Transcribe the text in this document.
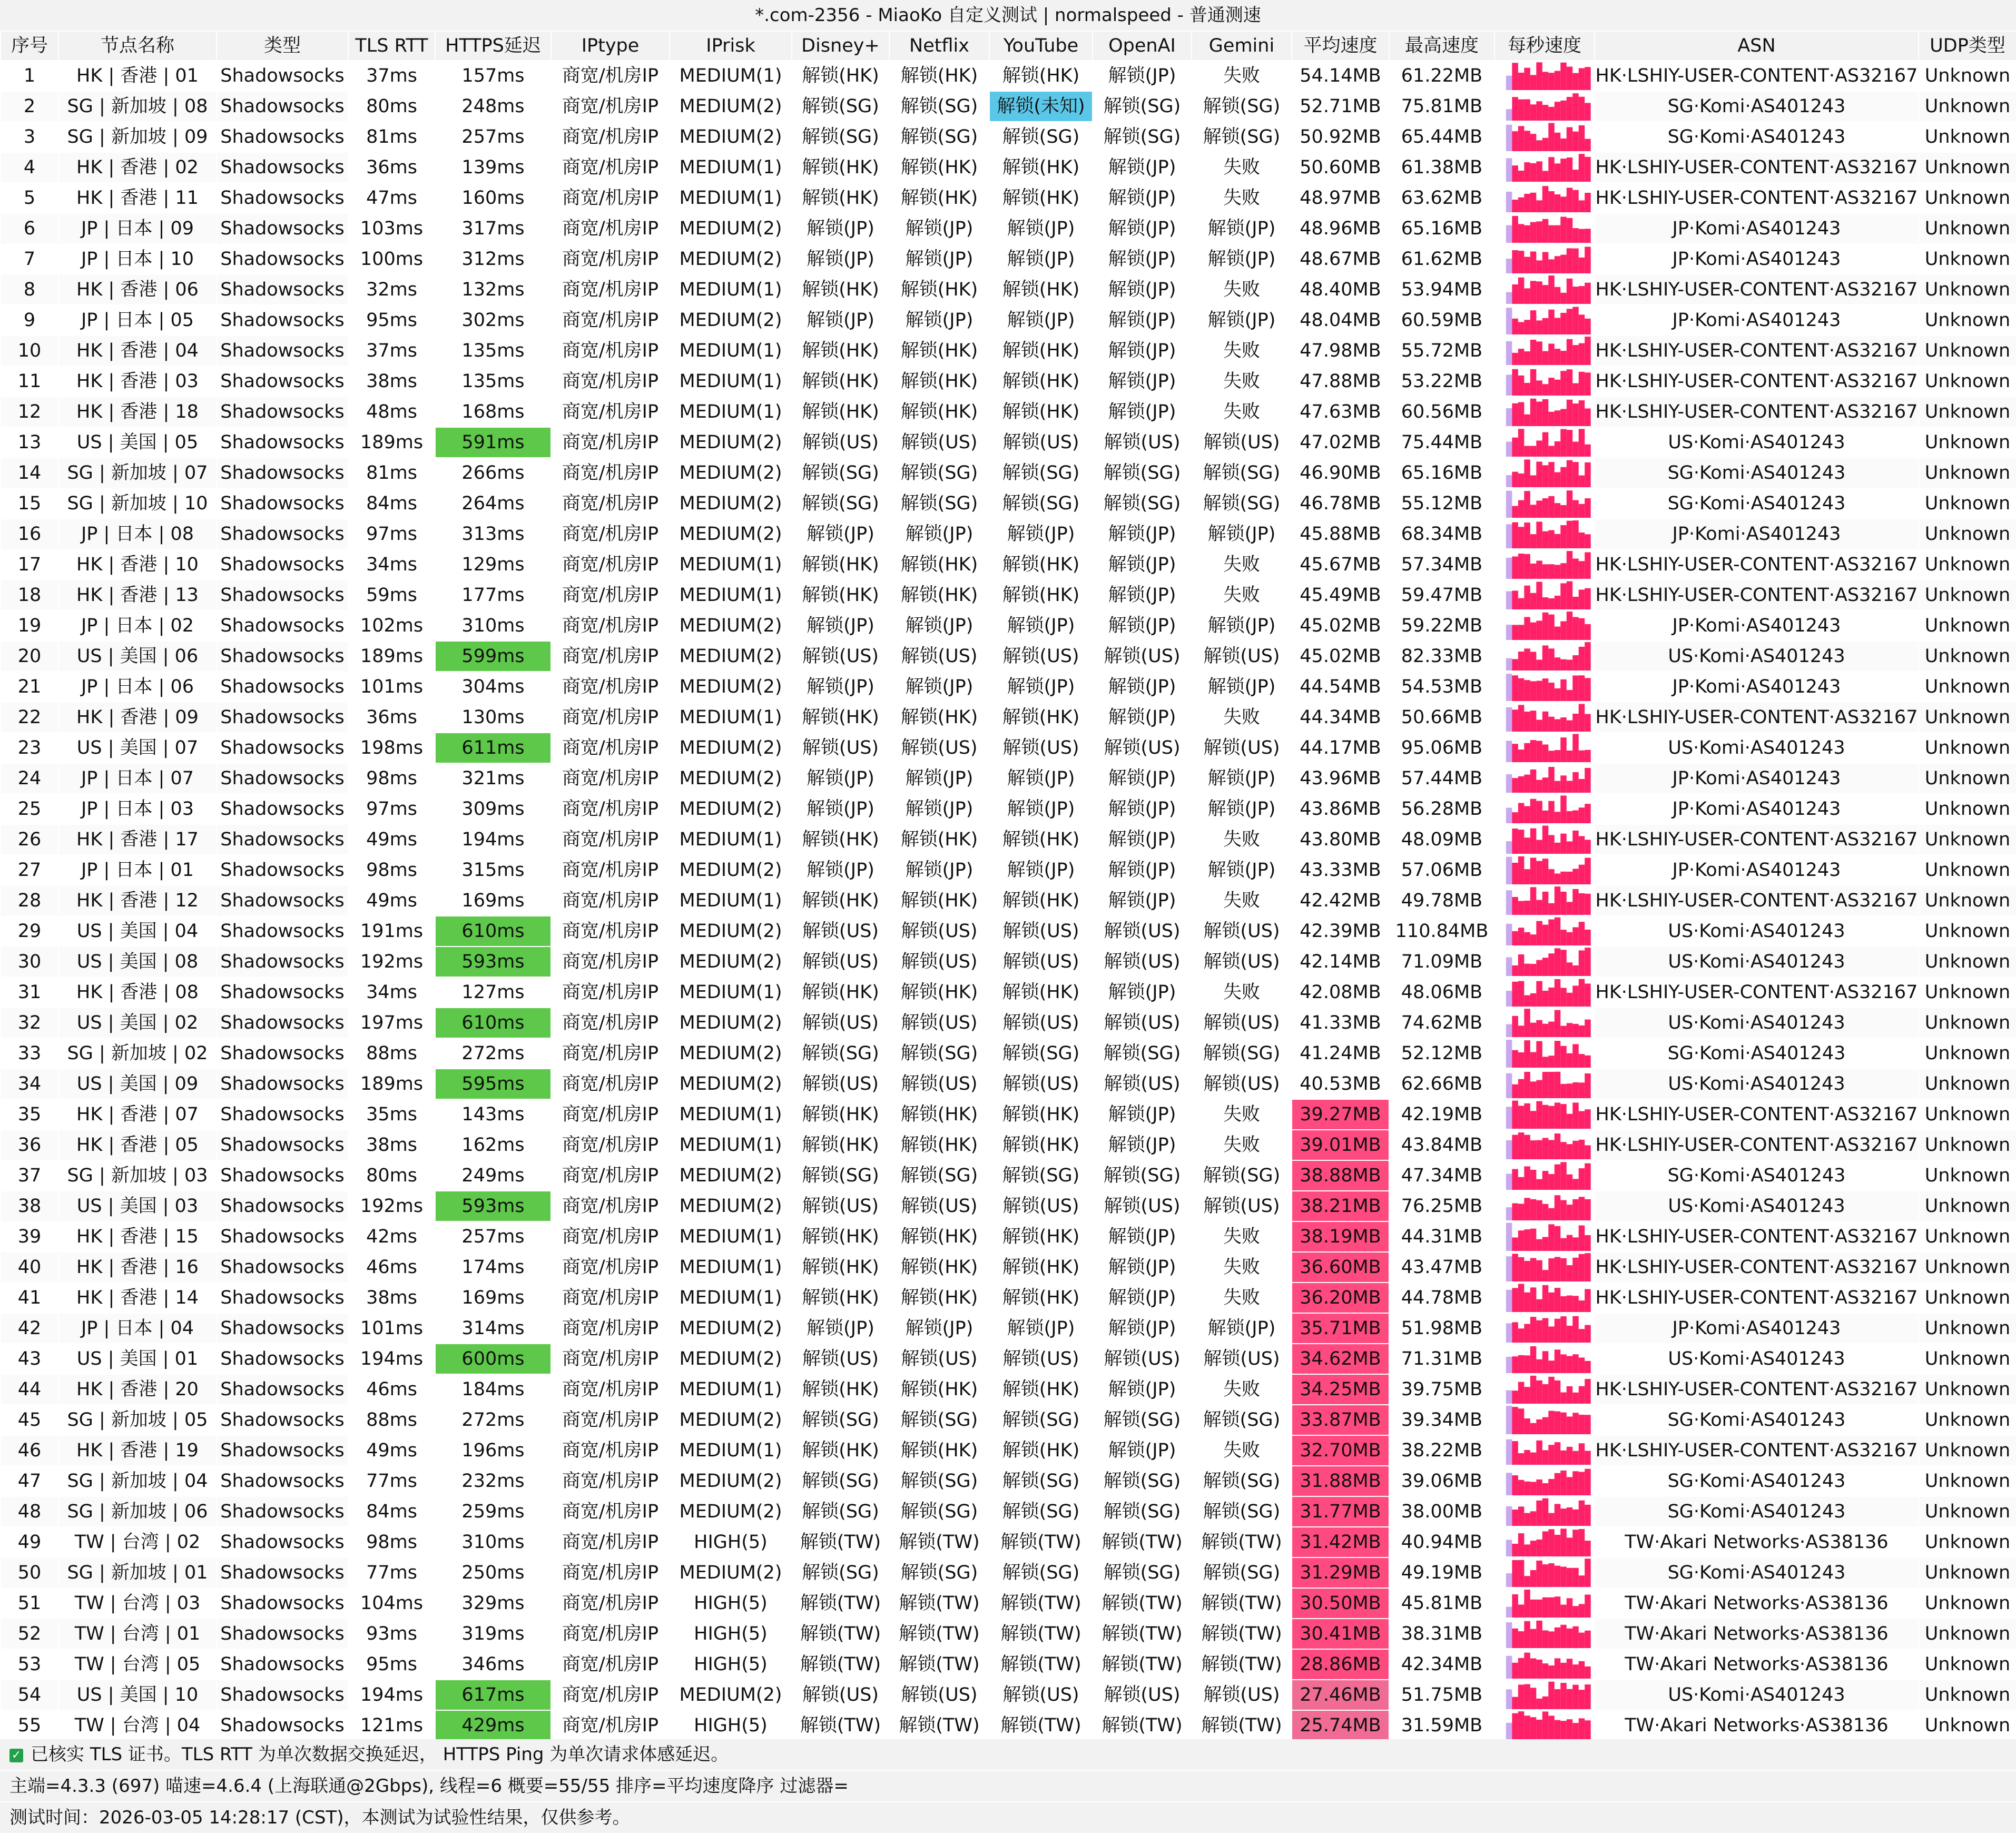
*.com-2356 - MiaoKo 自定义测试 | normalspeed - 普通测速
序号	节点名称	类型	TLS RTT	HTTPS延迟	IPtype	IPrisk	Disney+	Netflix	YouTube	OpenAI	Gemini	平均速度	最高速度	每秒速度	ASN	UDP类型
1	HK | 香港 | 01	Shadowsocks	37ms	157ms	商宽/机房IP	MEDIUM(1)	解锁(HK)	解锁(HK)	解锁(HK)	解锁(JP)	失败	54.14MB	61.22MB		HK·LSHIY-USER-CONTENT·AS32167	Unknown
2	SG | 新加坡 | 08	Shadowsocks	80ms	248ms	商宽/机房IP	MEDIUM(2)	解锁(SG)	解锁(SG)	解锁(未知)	解锁(SG)	解锁(SG)	52.71MB	75.81MB		SG·Komi·AS401243	Unknown
3	SG | 新加坡 | 09	Shadowsocks	81ms	257ms	商宽/机房IP	MEDIUM(2)	解锁(SG)	解锁(SG)	解锁(SG)	解锁(SG)	解锁(SG)	50.92MB	65.44MB		SG·Komi·AS401243	Unknown
4	HK | 香港 | 02	Shadowsocks	36ms	139ms	商宽/机房IP	MEDIUM(1)	解锁(HK)	解锁(HK)	解锁(HK)	解锁(JP)	失败	50.60MB	61.38MB		HK·LSHIY-USER-CONTENT·AS32167	Unknown
5	HK | 香港 | 11	Shadowsocks	47ms	160ms	商宽/机房IP	MEDIUM(1)	解锁(HK)	解锁(HK)	解锁(HK)	解锁(JP)	失败	48.97MB	63.62MB		HK·LSHIY-USER-CONTENT·AS32167	Unknown
6	JP | 日本 | 09	Shadowsocks	103ms	317ms	商宽/机房IP	MEDIUM(2)	解锁(JP)	解锁(JP)	解锁(JP)	解锁(JP)	解锁(JP)	48.96MB	65.16MB		JP·Komi·AS401243	Unknown
7	JP | 日本 | 10	Shadowsocks	100ms	312ms	商宽/机房IP	MEDIUM(2)	解锁(JP)	解锁(JP)	解锁(JP)	解锁(JP)	解锁(JP)	48.67MB	61.62MB		JP·Komi·AS401243	Unknown
8	HK | 香港 | 06	Shadowsocks	32ms	132ms	商宽/机房IP	MEDIUM(1)	解锁(HK)	解锁(HK)	解锁(HK)	解锁(JP)	失败	48.40MB	53.94MB		HK·LSHIY-USER-CONTENT·AS32167	Unknown
9	JP | 日本 | 05	Shadowsocks	95ms	302ms	商宽/机房IP	MEDIUM(2)	解锁(JP)	解锁(JP)	解锁(JP)	解锁(JP)	解锁(JP)	48.04MB	60.59MB		JP·Komi·AS401243	Unknown
10	HK | 香港 | 04	Shadowsocks	37ms	135ms	商宽/机房IP	MEDIUM(1)	解锁(HK)	解锁(HK)	解锁(HK)	解锁(JP)	失败	47.98MB	55.72MB		HK·LSHIY-USER-CONTENT·AS32167	Unknown
11	HK | 香港 | 03	Shadowsocks	38ms	135ms	商宽/机房IP	MEDIUM(1)	解锁(HK)	解锁(HK)	解锁(HK)	解锁(JP)	失败	47.88MB	53.22MB		HK·LSHIY-USER-CONTENT·AS32167	Unknown
12	HK | 香港 | 18	Shadowsocks	48ms	168ms	商宽/机房IP	MEDIUM(1)	解锁(HK)	解锁(HK)	解锁(HK)	解锁(JP)	失败	47.63MB	60.56MB		HK·LSHIY-USER-CONTENT·AS32167	Unknown
13	US | 美国 | 05	Shadowsocks	189ms	591ms	商宽/机房IP	MEDIUM(2)	解锁(US)	解锁(US)	解锁(US)	解锁(US)	解锁(US)	47.02MB	75.44MB		US·Komi·AS401243	Unknown
14	SG | 新加坡 | 07	Shadowsocks	81ms	266ms	商宽/机房IP	MEDIUM(2)	解锁(SG)	解锁(SG)	解锁(SG)	解锁(SG)	解锁(SG)	46.90MB	65.16MB		SG·Komi·AS401243	Unknown
15	SG | 新加坡 | 10	Shadowsocks	84ms	264ms	商宽/机房IP	MEDIUM(2)	解锁(SG)	解锁(SG)	解锁(SG)	解锁(SG)	解锁(SG)	46.78MB	55.12MB		SG·Komi·AS401243	Unknown
16	JP | 日本 | 08	Shadowsocks	97ms	313ms	商宽/机房IP	MEDIUM(2)	解锁(JP)	解锁(JP)	解锁(JP)	解锁(JP)	解锁(JP)	45.88MB	68.34MB		JP·Komi·AS401243	Unknown
17	HK | 香港 | 10	Shadowsocks	34ms	129ms	商宽/机房IP	MEDIUM(1)	解锁(HK)	解锁(HK)	解锁(HK)	解锁(JP)	失败	45.67MB	57.34MB		HK·LSHIY-USER-CONTENT·AS32167	Unknown
18	HK | 香港 | 13	Shadowsocks	59ms	177ms	商宽/机房IP	MEDIUM(1)	解锁(HK)	解锁(HK)	解锁(HK)	解锁(JP)	失败	45.49MB	59.47MB		HK·LSHIY-USER-CONTENT·AS32167	Unknown
19	JP | 日本 | 02	Shadowsocks	102ms	310ms	商宽/机房IP	MEDIUM(2)	解锁(JP)	解锁(JP)	解锁(JP)	解锁(JP)	解锁(JP)	45.02MB	59.22MB		JP·Komi·AS401243	Unknown
20	US | 美国 | 06	Shadowsocks	189ms	599ms	商宽/机房IP	MEDIUM(2)	解锁(US)	解锁(US)	解锁(US)	解锁(US)	解锁(US)	45.02MB	82.33MB		US·Komi·AS401243	Unknown
21	JP | 日本 | 06	Shadowsocks	101ms	304ms	商宽/机房IP	MEDIUM(2)	解锁(JP)	解锁(JP)	解锁(JP)	解锁(JP)	解锁(JP)	44.54MB	54.53MB		JP·Komi·AS401243	Unknown
22	HK | 香港 | 09	Shadowsocks	36ms	130ms	商宽/机房IP	MEDIUM(1)	解锁(HK)	解锁(HK)	解锁(HK)	解锁(JP)	失败	44.34MB	50.66MB		HK·LSHIY-USER-CONTENT·AS32167	Unknown
23	US | 美国 | 07	Shadowsocks	198ms	611ms	商宽/机房IP	MEDIUM(2)	解锁(US)	解锁(US)	解锁(US)	解锁(US)	解锁(US)	44.17MB	95.06MB		US·Komi·AS401243	Unknown
24	JP | 日本 | 07	Shadowsocks	98ms	321ms	商宽/机房IP	MEDIUM(2)	解锁(JP)	解锁(JP)	解锁(JP)	解锁(JP)	解锁(JP)	43.96MB	57.44MB		JP·Komi·AS401243	Unknown
25	JP | 日本 | 03	Shadowsocks	97ms	309ms	商宽/机房IP	MEDIUM(2)	解锁(JP)	解锁(JP)	解锁(JP)	解锁(JP)	解锁(JP)	43.86MB	56.28MB		JP·Komi·AS401243	Unknown
26	HK | 香港 | 17	Shadowsocks	49ms	194ms	商宽/机房IP	MEDIUM(1)	解锁(HK)	解锁(HK)	解锁(HK)	解锁(JP)	失败	43.80MB	48.09MB		HK·LSHIY-USER-CONTENT·AS32167	Unknown
27	JP | 日本 | 01	Shadowsocks	98ms	315ms	商宽/机房IP	MEDIUM(2)	解锁(JP)	解锁(JP)	解锁(JP)	解锁(JP)	解锁(JP)	43.33MB	57.06MB		JP·Komi·AS401243	Unknown
28	HK | 香港 | 12	Shadowsocks	49ms	169ms	商宽/机房IP	MEDIUM(1)	解锁(HK)	解锁(HK)	解锁(HK)	解锁(JP)	失败	42.42MB	49.78MB		HK·LSHIY-USER-CONTENT·AS32167	Unknown
29	US | 美国 | 04	Shadowsocks	191ms	610ms	商宽/机房IP	MEDIUM(2)	解锁(US)	解锁(US)	解锁(US)	解锁(US)	解锁(US)	42.39MB	110.84MB		US·Komi·AS401243	Unknown
30	US | 美国 | 08	Shadowsocks	192ms	593ms	商宽/机房IP	MEDIUM(2)	解锁(US)	解锁(US)	解锁(US)	解锁(US)	解锁(US)	42.14MB	71.09MB		US·Komi·AS401243	Unknown
31	HK | 香港 | 08	Shadowsocks	34ms	127ms	商宽/机房IP	MEDIUM(1)	解锁(HK)	解锁(HK)	解锁(HK)	解锁(JP)	失败	42.08MB	48.06MB		HK·LSHIY-USER-CONTENT·AS32167	Unknown
32	US | 美国 | 02	Shadowsocks	197ms	610ms	商宽/机房IP	MEDIUM(2)	解锁(US)	解锁(US)	解锁(US)	解锁(US)	解锁(US)	41.33MB	74.62MB		US·Komi·AS401243	Unknown
33	SG | 新加坡 | 02	Shadowsocks	88ms	272ms	商宽/机房IP	MEDIUM(2)	解锁(SG)	解锁(SG)	解锁(SG)	解锁(SG)	解锁(SG)	41.24MB	52.12MB		SG·Komi·AS401243	Unknown
34	US | 美国 | 09	Shadowsocks	189ms	595ms	商宽/机房IP	MEDIUM(2)	解锁(US)	解锁(US)	解锁(US)	解锁(US)	解锁(US)	40.53MB	62.66MB		US·Komi·AS401243	Unknown
35	HK | 香港 | 07	Shadowsocks	35ms	143ms	商宽/机房IP	MEDIUM(1)	解锁(HK)	解锁(HK)	解锁(HK)	解锁(JP)	失败	39.27MB	42.19MB		HK·LSHIY-USER-CONTENT·AS32167	Unknown
36	HK | 香港 | 05	Shadowsocks	38ms	162ms	商宽/机房IP	MEDIUM(1)	解锁(HK)	解锁(HK)	解锁(HK)	解锁(JP)	失败	39.01MB	43.84MB		HK·LSHIY-USER-CONTENT·AS32167	Unknown
37	SG | 新加坡 | 03	Shadowsocks	80ms	249ms	商宽/机房IP	MEDIUM(2)	解锁(SG)	解锁(SG)	解锁(SG)	解锁(SG)	解锁(SG)	38.88MB	47.34MB		SG·Komi·AS401243	Unknown
38	US | 美国 | 03	Shadowsocks	192ms	593ms	商宽/机房IP	MEDIUM(2)	解锁(US)	解锁(US)	解锁(US)	解锁(US)	解锁(US)	38.21MB	76.25MB		US·Komi·AS401243	Unknown
39	HK | 香港 | 15	Shadowsocks	42ms	257ms	商宽/机房IP	MEDIUM(1)	解锁(HK)	解锁(HK)	解锁(HK)	解锁(JP)	失败	38.19MB	44.31MB		HK·LSHIY-USER-CONTENT·AS32167	Unknown
40	HK | 香港 | 16	Shadowsocks	46ms	174ms	商宽/机房IP	MEDIUM(1)	解锁(HK)	解锁(HK)	解锁(HK)	解锁(JP)	失败	36.60MB	43.47MB		HK·LSHIY-USER-CONTENT·AS32167	Unknown
41	HK | 香港 | 14	Shadowsocks	38ms	169ms	商宽/机房IP	MEDIUM(1)	解锁(HK)	解锁(HK)	解锁(HK)	解锁(JP)	失败	36.20MB	44.78MB		HK·LSHIY-USER-CONTENT·AS32167	Unknown
42	JP | 日本 | 04	Shadowsocks	101ms	314ms	商宽/机房IP	MEDIUM(2)	解锁(JP)	解锁(JP)	解锁(JP)	解锁(JP)	解锁(JP)	35.71MB	51.98MB		JP·Komi·AS401243	Unknown
43	US | 美国 | 01	Shadowsocks	194ms	600ms	商宽/机房IP	MEDIUM(2)	解锁(US)	解锁(US)	解锁(US)	解锁(US)	解锁(US)	34.62MB	71.31MB		US·Komi·AS401243	Unknown
44	HK | 香港 | 20	Shadowsocks	46ms	184ms	商宽/机房IP	MEDIUM(1)	解锁(HK)	解锁(HK)	解锁(HK)	解锁(JP)	失败	34.25MB	39.75MB		HK·LSHIY-USER-CONTENT·AS32167	Unknown
45	SG | 新加坡 | 05	Shadowsocks	88ms	272ms	商宽/机房IP	MEDIUM(2)	解锁(SG)	解锁(SG)	解锁(SG)	解锁(SG)	解锁(SG)	33.87MB	39.34MB		SG·Komi·AS401243	Unknown
46	HK | 香港 | 19	Shadowsocks	49ms	196ms	商宽/机房IP	MEDIUM(1)	解锁(HK)	解锁(HK)	解锁(HK)	解锁(JP)	失败	32.70MB	38.22MB		HK·LSHIY-USER-CONTENT·AS32167	Unknown
47	SG | 新加坡 | 04	Shadowsocks	77ms	232ms	商宽/机房IP	MEDIUM(2)	解锁(SG)	解锁(SG)	解锁(SG)	解锁(SG)	解锁(SG)	31.88MB	39.06MB		SG·Komi·AS401243	Unknown
48	SG | 新加坡 | 06	Shadowsocks	84ms	259ms	商宽/机房IP	MEDIUM(2)	解锁(SG)	解锁(SG)	解锁(SG)	解锁(SG)	解锁(SG)	31.77MB	38.00MB		SG·Komi·AS401243	Unknown
49	TW | 台湾 | 02	Shadowsocks	98ms	310ms	商宽/机房IP	HIGH(5)	解锁(TW)	解锁(TW)	解锁(TW)	解锁(TW)	解锁(TW)	31.42MB	40.94MB		TW·Akari Networks·AS38136	Unknown
50	SG | 新加坡 | 01	Shadowsocks	77ms	250ms	商宽/机房IP	MEDIUM(2)	解锁(SG)	解锁(SG)	解锁(SG)	解锁(SG)	解锁(SG)	31.29MB	49.19MB		SG·Komi·AS401243	Unknown
51	TW | 台湾 | 03	Shadowsocks	104ms	329ms	商宽/机房IP	HIGH(5)	解锁(TW)	解锁(TW)	解锁(TW)	解锁(TW)	解锁(TW)	30.50MB	45.81MB		TW·Akari Networks·AS38136	Unknown
52	TW | 台湾 | 01	Shadowsocks	93ms	319ms	商宽/机房IP	HIGH(5)	解锁(TW)	解锁(TW)	解锁(TW)	解锁(TW)	解锁(TW)	30.41MB	38.31MB		TW·Akari Networks·AS38136	Unknown
53	TW | 台湾 | 05	Shadowsocks	95ms	346ms	商宽/机房IP	HIGH(5)	解锁(TW)	解锁(TW)	解锁(TW)	解锁(TW)	解锁(TW)	28.86MB	42.34MB		TW·Akari Networks·AS38136	Unknown
54	US | 美国 | 10	Shadowsocks	194ms	617ms	商宽/机房IP	MEDIUM(2)	解锁(US)	解锁(US)	解锁(US)	解锁(US)	解锁(US)	27.46MB	51.75MB		US·Komi·AS401243	Unknown
55	TW | 台湾 | 04	Shadowsocks	121ms	429ms	商宽/机房IP	HIGH(5)	解锁(TW)	解锁(TW)	解锁(TW)	解锁(TW)	解锁(TW)	25.74MB	31.59MB		TW·Akari Networks·AS38136	Unknown
✓ 已核实 TLS 证书。TLS RTT 为单次数据交换延迟， HTTPS Ping 为单次请求体感延迟。
主端=4.3.3 (697) 喵速=4.6.4 (上海联通@2Gbps), 线程=6 概要=55/55 排序=平均速度降序 过滤器=
测试时间：2026-03-05 14:28:17 (CST)，本测试为试验性结果，仅供参考。
